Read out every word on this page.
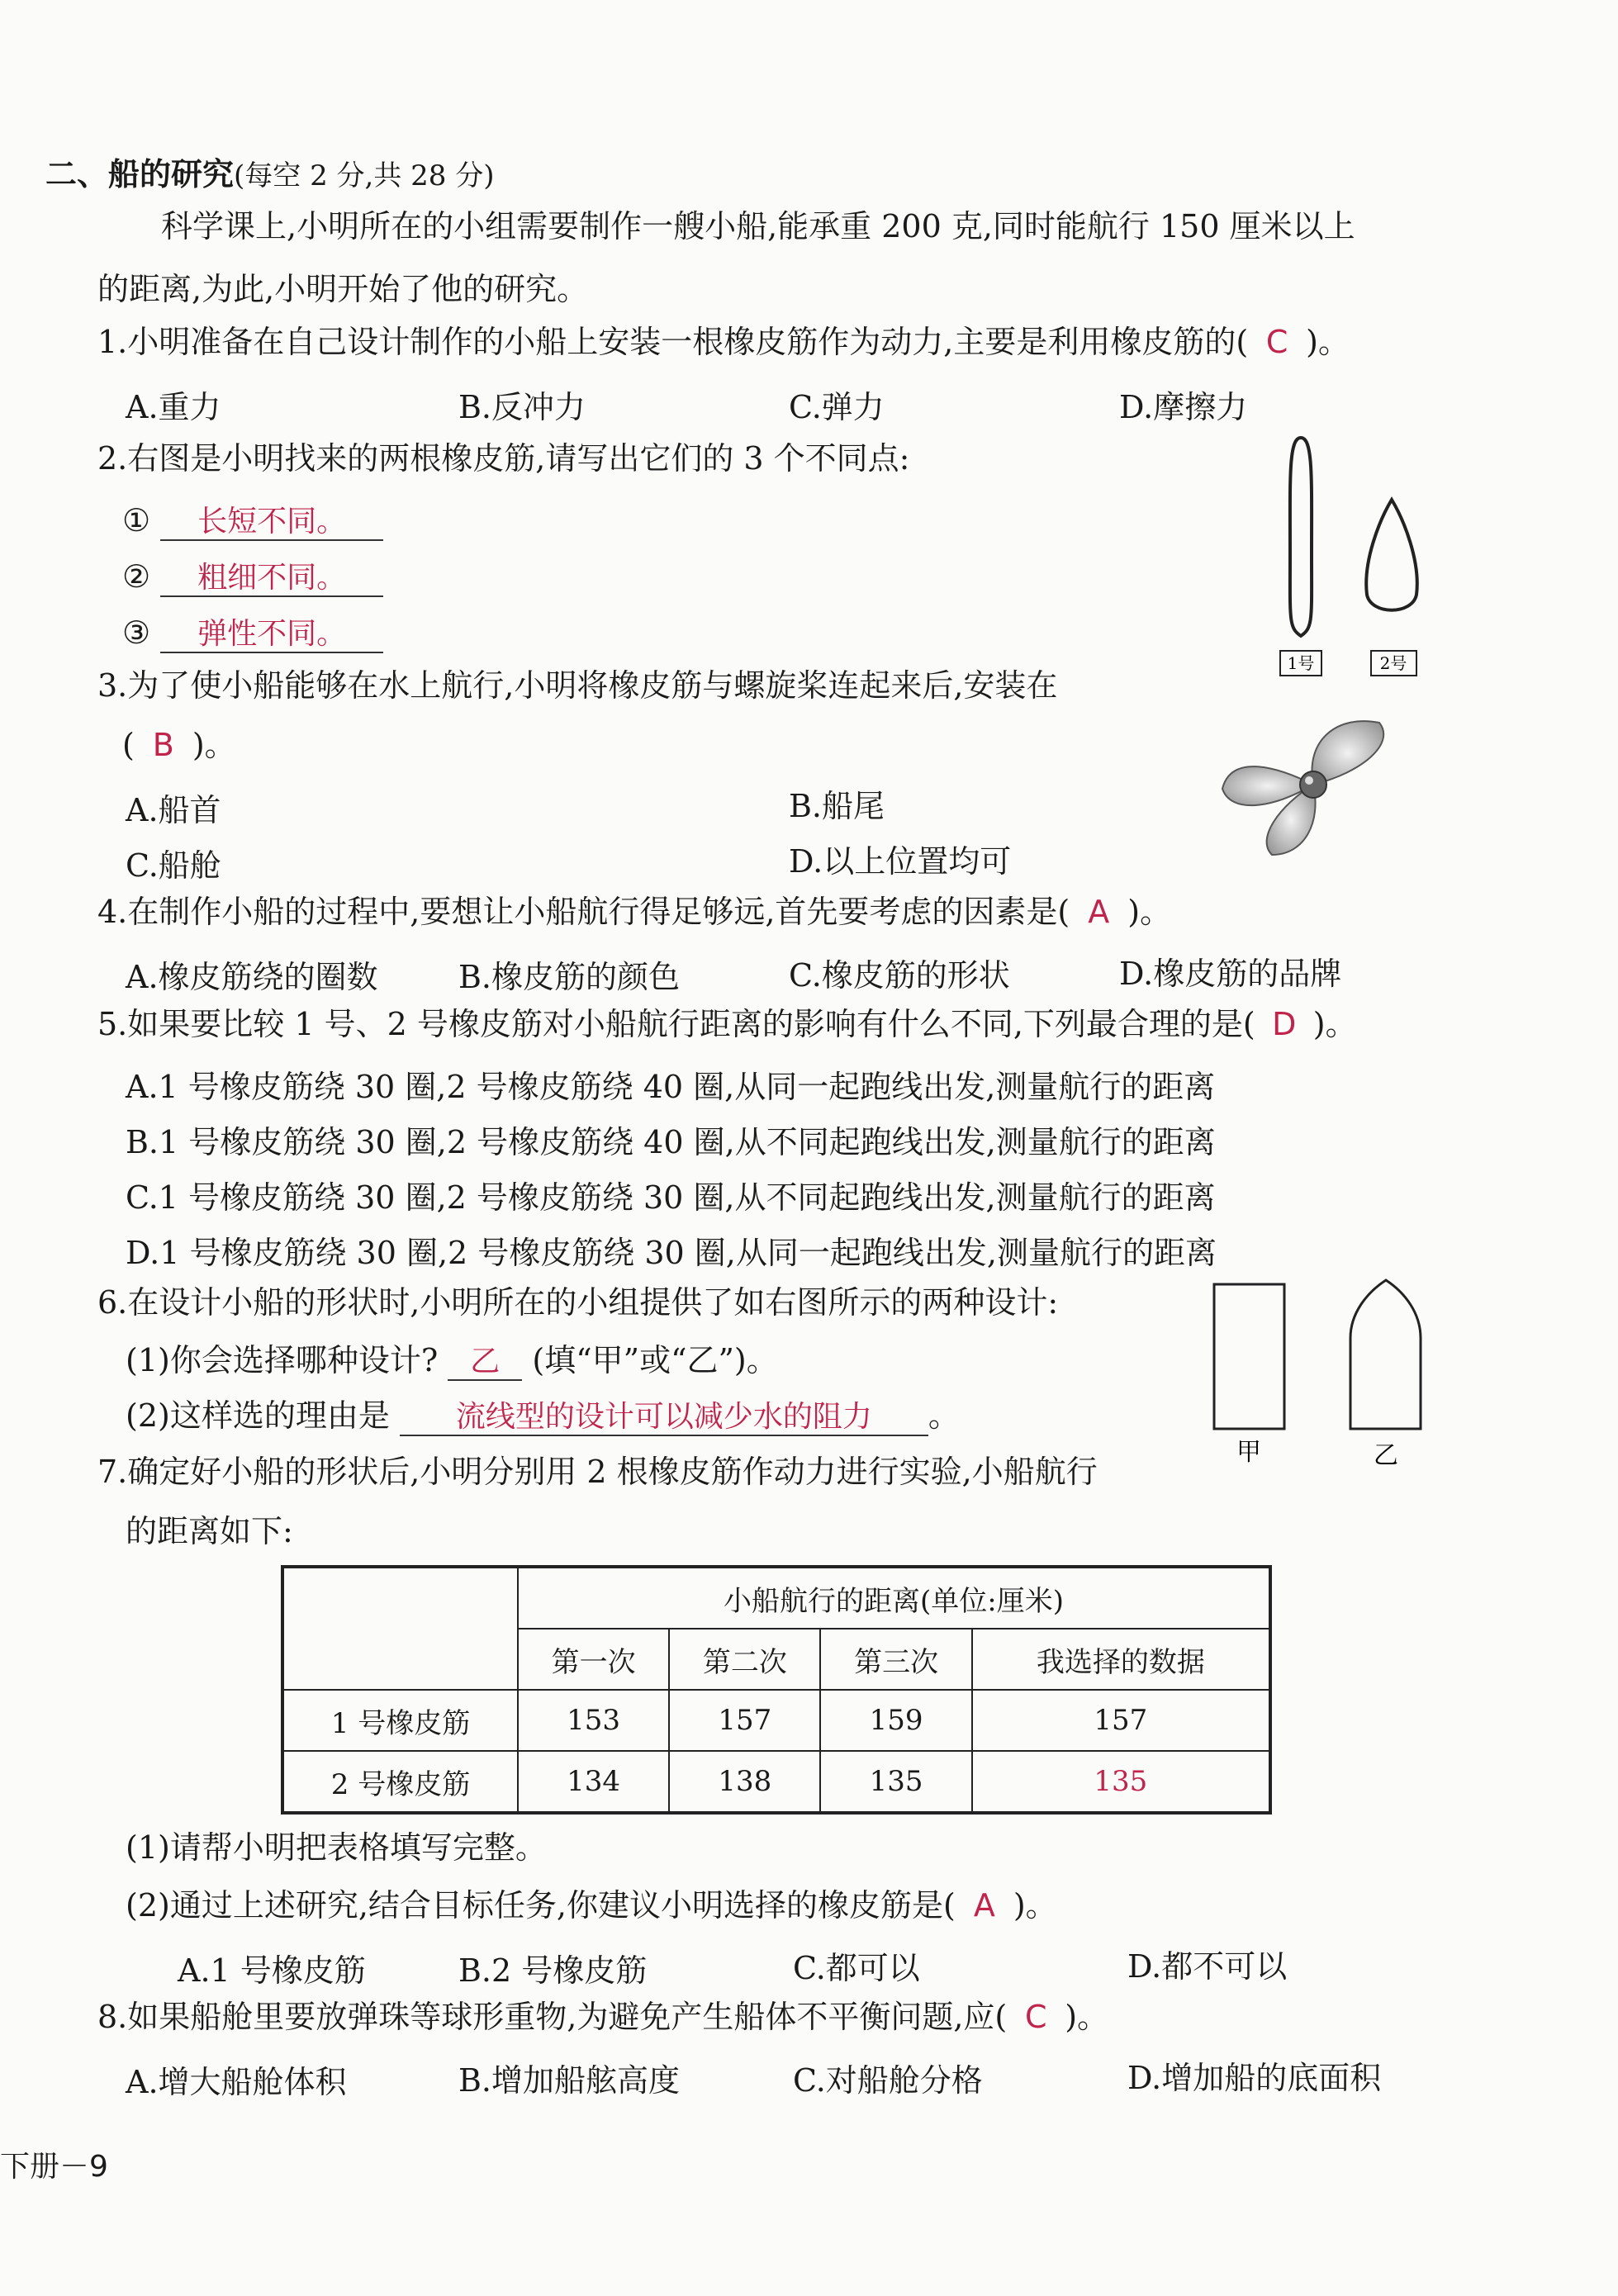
二、船的研究(每空 2 分,共 28 分)
科学课上,小明所在的小组需要制作一艘小船,能承重 200 克,同时能航行 150 厘米以上
的距离,为此,小明开始了他的研究。
1.小明准备在自己设计制作的小船上安装一根橡皮筋作为动力,主要是利用橡皮筋的( C )。
A.重力	B.反冲力	C.弹力	D.摩擦力
2.右图是小明找来的两根橡皮筋,请写出它们的 3 个不同点:
① 长短不同。
② 粗细不同。
③ 弹性不同。
1号	2号
3.为了使小船能够在水上航行,小明将橡皮筋与螺旋桨连起来后,安装在
( B )。
A.船首	B.船尾
C.船舱	D.以上位置均可
4.在制作小船的过程中,要想让小船航行得足够远,首先要考虑的因素是( A )。
A.橡皮筋绕的圈数	B.橡皮筋的颜色	C.橡皮筋的形状	D.橡皮筋的品牌
5.如果要比较 1 号、2 号橡皮筋对小船航行距离的影响有什么不同,下列最合理的是( D )。
A.1 号橡皮筋绕 30 圈,2 号橡皮筋绕 40 圈,从同一起跑线出发,测量航行的距离
B.1 号橡皮筋绕 30 圈,2 号橡皮筋绕 40 圈,从不同起跑线出发,测量航行的距离
C.1 号橡皮筋绕 30 圈,2 号橡皮筋绕 30 圈,从不同起跑线出发,测量航行的距离
D.1 号橡皮筋绕 30 圈,2 号橡皮筋绕 30 圈,从同一起跑线出发,测量航行的距离
6.在设计小船的形状时,小明所在的小组提供了如右图所示的两种设计:
(1)你会选择哪种设计? 乙 (填“甲”或“乙”)。
(2)这样选的理由是 流线型的设计可以减少水的阻力 。
甲	乙
7.确定好小船的形状后,小明分别用 2 根橡皮筋作动力进行实验,小船航行
的距离如下:
	小船航行的距离(单位:厘米)			
	第一次	第二次	第三次	我选择的数据
1 号橡皮筋	153	157	159	157
2 号橡皮筋	134	138	135	135
(1)请帮小明把表格填写完整。
(2)通过上述研究,结合目标任务,你建议小明选择的橡皮筋是( A )。
A.1 号橡皮筋	B.2 号橡皮筋	C.都可以	D.都不可以
8.如果船舱里要放弹珠等球形重物,为避免产生船体不平衡问题,应( C )。
A.增大船舱体积	B.增加船舷高度	C.对船舱分格	D.增加船的底面积
下册－9
